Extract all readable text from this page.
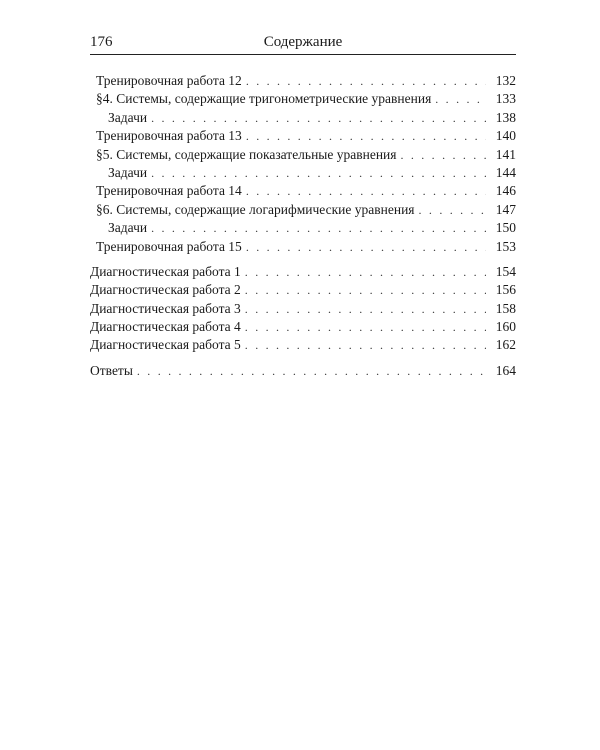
176	Содержание
Тренировочная работа 12 . . .	132
§4. Системы, содержащие тригонометрические уравнения . . .	133
Задачи . . .	138
Тренировочная работа 13 . . .	140
§5. Системы, содержащие показательные уравнения . . .	141
Задачи . . .	144
Тренировочная работа 14 . . .	146
§6. Системы, содержащие логарифмические уравнения . . .	147
Задачи . . .	150
Тренировочная работа 15 . . .	153
Диагностическая работа 1 . . .	154
Диагностическая работа 2 . . .	156
Диагностическая работа 3 . . .	158
Диагностическая работа 4 . . .	160
Диагностическая работа 5 . . .	162
Ответы . . .	164
